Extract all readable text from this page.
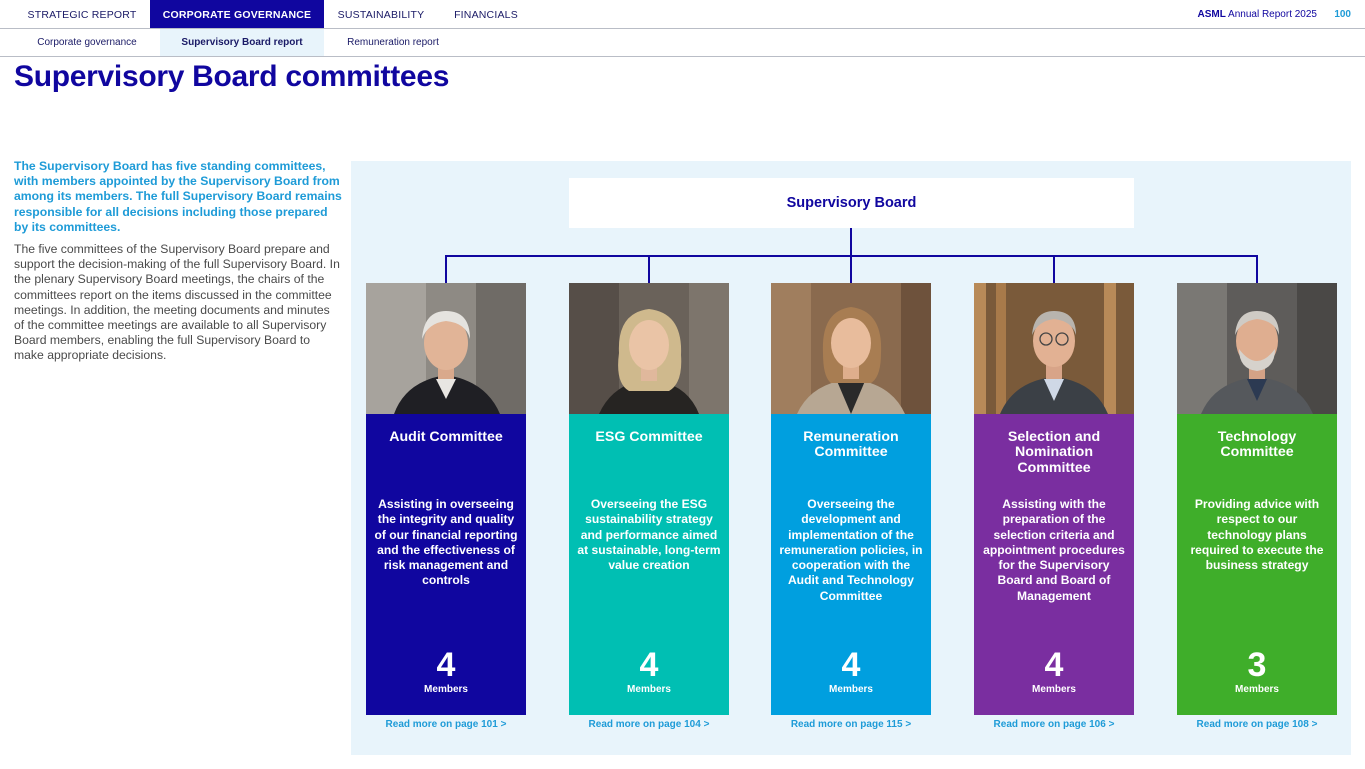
STRATEGIC REPORT	CORPORATE GOVERNANCE	SUSTAINABILITY	FINANCIALS	ASML Annual Report 2025 100
Corporate governance	Supervisory Board report	Remuneration report
Supervisory Board committees

The Supervisory Board has five standing committees, with members appointed by the Supervisory Board from among its members. The full Supervisory Board remains responsible for all decisions including those prepared by its committees.

The five committees of the Supervisory Board prepare and support the decision-making of the full Supervisory Board. In the plenary Supervisory Board meetings, the chairs of the committees report on the items discussed in the committee meetings. In addition, the meeting documents and minutes of the committee meetings are available to all Supervisory Board members, enabling the full Supervisory Board to make appropriate decisions.

Supervisory Board
Audit Committee
Assisting in overseeing the integrity and quality of our financial reporting and the effectiveness of risk management and controls
4
Members
Read more on page 101 >
ESG Committee
Overseeing the ESG sustainability strategy and performance aimed at sustainable, long-term value creation
4
Members
Read more on page 104 >
Remuneration Committee
Overseeing the development and implementation of the remuneration policies, in cooperation with the Audit and Technology Committee
4
Members
Read more on page 115 >
Selection and Nomination Committee
Assisting with the preparation of the selection criteria and appointment procedures for the Supervisory Board and Board of Management
4
Members
Read more on page 106 >
Technology Committee
Providing advice with respect to our technology plans required to execute the business strategy
3
Members
Read more on page 108 >
